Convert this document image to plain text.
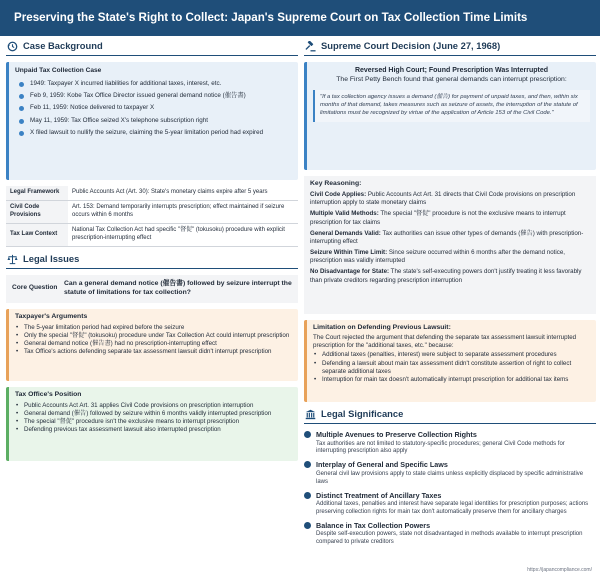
Preserving the State's Right to Collect: Japan's Supreme Court on Tax Collection Time Limits
Case Background
Unpaid Tax Collection Case
1949: Taxpayer X incurred liabilities for additional taxes, interest, etc.
Feb 9, 1959: Kobe Tax Office Director issued general demand notice (催告書)
Feb 11, 1959: Notice delivered to taxpayer X
May 11, 1959: Tax Office seized X's telephone subscription right
X filed lawsuit to nullify the seizure, claiming the 5-year limitation period had expired
Legal Framework	Public Accounts Act (Art. 30): State's monetary claims expire after 5 years
Civil Code Provisions	Art. 153: Demand temporarily interrupts prescription; effect maintained if seizure occurs within 6 months
Tax Law Context	National Tax Collection Act had specific "督促" (tokusoku) procedure with explicit prescription-interrupting effect
Legal Issues
Core Question
Can a general demand notice (催告書) followed by seizure interrupt the statute of limitations for tax collection?
Taxpayer's Arguments
• The 5-year limitation period had expired before the seizure
• Only the special "督促" (tokusoku) procedure under Tax Collection Act could interrupt prescription
• General demand notice (催告書) had no prescription-interrupting effect
• Tax Office's actions defending separate tax assessment lawsuit didn't interrupt prescription
Tax Office's Position
• Public Accounts Act Art. 31 applies Civil Code provisions on prescription interruption
• General demand (催告) followed by seizure within 6 months validly interrupted prescription
• The special "督促" procedure isn't the exclusive means to interrupt prescription
• Defending previous tax assessment lawsuit also interrupted prescription
Supreme Court Decision (June 27, 1968)
Reversed High Court; Found Prescription Was Interrupted
The First Petty Bench found that general demands can interrupt prescription:
"If a tax collection agency issues a demand (催告) for payment of unpaid taxes, and then, within six months of that demand, takes measures such as seizure of assets, the interruption of the statute of limitations must be recognized by virtue of the application of Article 153 of the Civil Code."
Key Reasoning:
Civil Code Applies: Public Accounts Act Art. 31 directs that Civil Code provisions on prescription interruption apply to state monetary claims
Multiple Valid Methods: The special "督促" procedure is not the exclusive means to interrupt prescription for tax claims
General Demands Valid: Tax authorities can issue other types of demands (催告) with prescription-interrupting effect
Seizure Within Time Limit: Since seizure occurred within 6 months after the demand notice, prescription was validly interrupted
No Disadvantage for State: The state's self-executing powers don't justify treating it less favorably than private creditors regarding prescription interruption
Limitation on Defending Previous Lawsuit:
The Court rejected the argument that defending the separate tax assessment lawsuit interrupted prescription for the "additional taxes, etc." because:
• Additional taxes (penalties, interest) were subject to separate assessment procedures
• Defending a lawsuit about main tax assessment didn't constitute assertion of right to collect separate additional taxes
• Interruption for main tax doesn't automatically interrupt prescription for additional tax items
Legal Significance
Multiple Avenues to Preserve Collection Rights
Tax authorities are not limited to statutory-specific procedures; general Civil Code methods for interrupting prescription also apply
Interplay of General and Specific Laws
General civil law provisions apply to state claims unless explicitly displaced by specific administrative laws
Distinct Treatment of Ancillary Taxes
Additional taxes, penalties and interest have separate legal identities for prescription purposes; actions preserving collection rights for main tax don't automatically preserve them for ancillary charges
Balance in Tax Collection Powers
Despite self-execution powers, state not disadvantaged in methods available to interrupt prescription compared to private creditors
https://japancompliance.com/
